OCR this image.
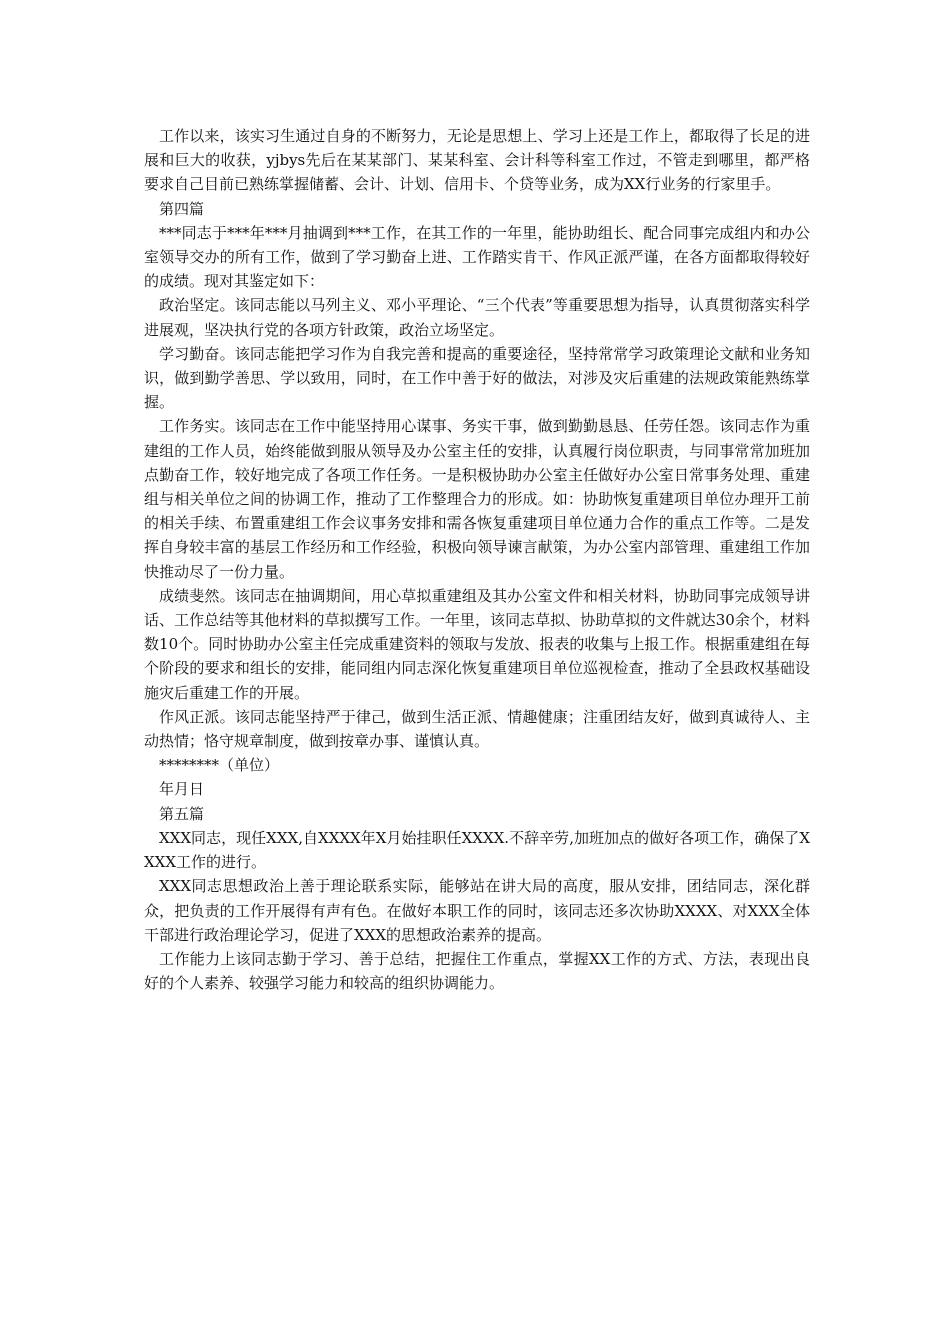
工作以来，该实习生通过自身的不断努力，无论是思想上、学习上还是工作上，都取得了长足的进展和巨大的收获，yjbys先后在某某部门、某某科室、会计科等科室工作过，不管走到哪里，都严格要求自己目前已熟练掌握储蓄、会计、计划、信用卡、个贷等业务，成为XX行业务的行家里手。

第四篇

***同志于***年***月抽调到***工作，在其工作的一年里，能协助组长、配合同事完成组内和办公室领导交办的所有工作，做到了学习勤奋上进、工作踏实肯干、作风正派严谨，在各方面都取得较好的成绩。现对其鉴定如下：

政治坚定。该同志能以马列主义、邓小平理论、“三个代表”等重要思想为指导，认真贯彻落实科学进展观，坚决执行党的各项方针政策，政治立场坚定。

学习勤奋。该同志能把学习作为自我完善和提高的重要途径，坚持常常学习政策理论文献和业务知识，做到勤学善思、学以致用，同时，在工作中善于好的做法，对涉及灾后重建的法规政策能熟练掌握。

工作务实。该同志在工作中能坚持用心谋事、务实干事，做到勤勤恳恳、任劳任怨。该同志作为重建组的工作人员，始终能做到服从领导及办公室主任的安排，认真履行岗位职责，与同事常常加班加点勤奋工作，较好地完成了各项工作任务。一是积极协助办公室主任做好办公室日常事务处理、重建组与相关单位之间的协调工作，推动了工作整理合力的形成。如：协助恢复重建项目单位办理开工前的相关手续、布置重建组工作会议事务安排和需各恢复重建项目单位通力合作的重点工作等。二是发挥自身较丰富的基层工作经历和工作经验，积极向领导谏言献策，为办公室内部管理、重建组工作加快推动尽了一份力量。

成绩斐然。该同志在抽调期间，用心草拟重建组及其办公室文件和相关材料，协助同事完成领导讲话、工作总结等其他材料的草拟撰写工作。一年里，该同志草拟、协助草拟的文件就达30余个，材料数10个。同时协助办公室主任完成重建资料的领取与发放、报表的收集与上报工作。根据重建组在每个阶段的要求和组长的安排，能同组内同志深化恢复重建项目单位巡视检查，推动了全县政权基础设施灾后重建工作的开展。

作风正派。该同志能坚持严于律己，做到生活正派、情趣健康；注重团结友好，做到真诚待人、主动热情；恪守规章制度，做到按章办事、谨慎认真。

********（单位）

年月日

第五篇

XXX同志，现任XXX,自XXXX年X月始挂职任XXXX.不辞辛劳,加班加点的做好各项工作，确保了XXXX工作的进行。

XXX同志思想政治上善于理论联系实际，能够站在讲大局的高度，服从安排，团结同志，深化群众，把负责的工作开展得有声有色。在做好本职工作的同时，该同志还多次协助XXXX、对XXX全体干部进行政治理论学习，促进了XXX的思想政治素养的提高。

工作能力上该同志勤于学习、善于总结，把握住工作重点，掌握XX工作的方式、方法，表现出良好的个人素养、较强学习能力和较高的组织协调能力。
